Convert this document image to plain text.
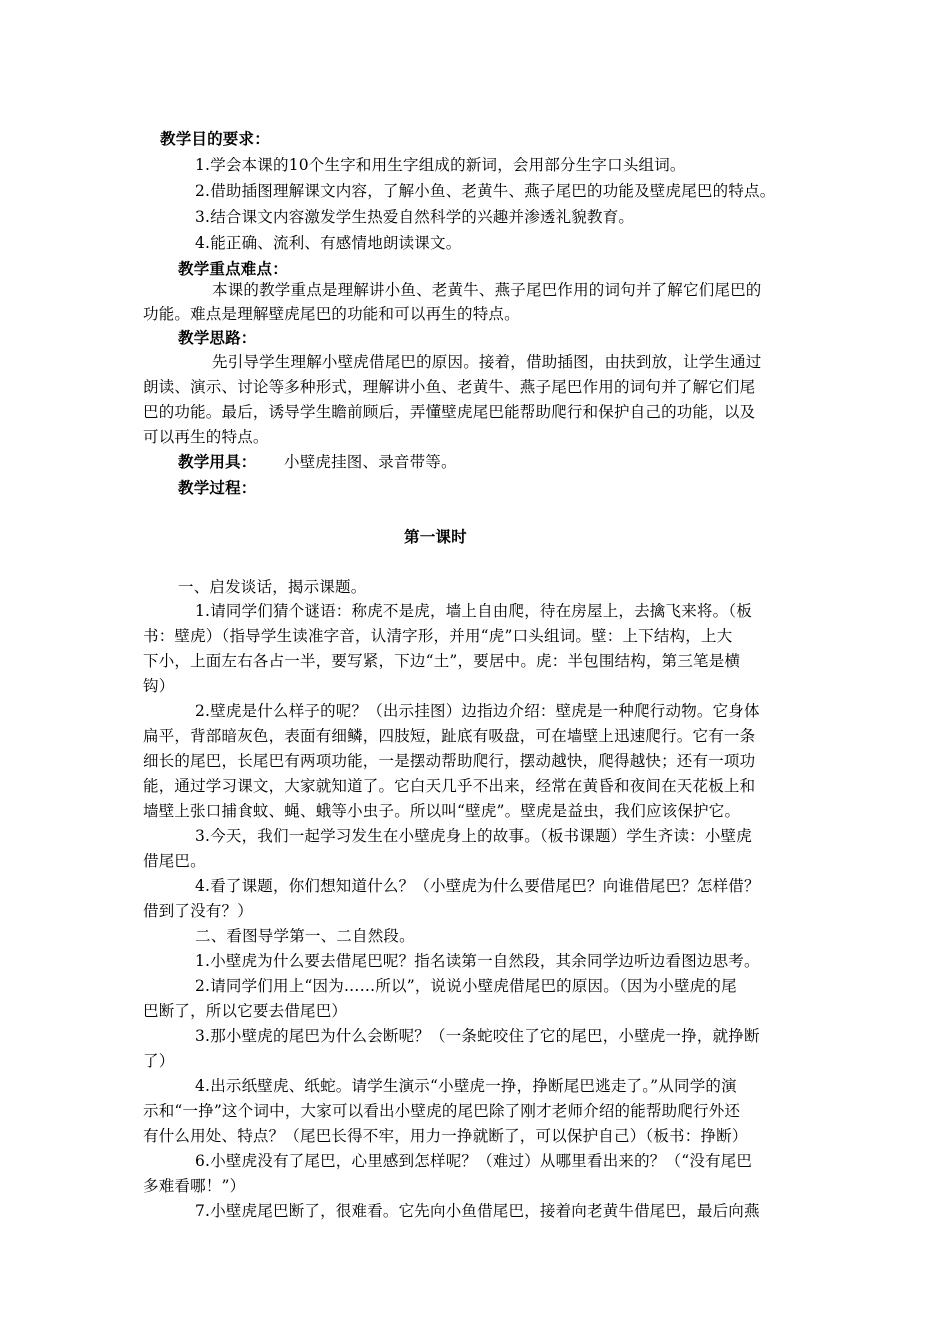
教学目的要求：
1.学会本课的10个生字和用生字组成的新词，会用部分生字口头组词。
2.借助插图理解课文内容，了解小鱼、老黄牛、燕子尾巴的功能及壁虎尾巴的特点。
3.结合课文内容激发学生热爱自然科学的兴趣并渗透礼貌教育。
4.能正确、流利、有感情地朗读课文。
教学重点难点：
本课的教学重点是理解讲小鱼、老黄牛、燕子尾巴作用的词句并了解它们尾巴的
功能。难点是理解壁虎尾巴的功能和可以再生的特点。
教学思路：
先引导学生理解小壁虎借尾巴的原因。接着，借助插图，由扶到放，让学生通过
朗读、演示、讨论等多种形式，理解讲小鱼、老黄牛、燕子尾巴作用的词句并了解它们尾
巴的功能。最后，诱导学生瞻前顾后，弄懂壁虎尾巴能帮助爬行和保护自己的功能，以及
可以再生的特点。
教学用具： 小壁虎挂图、录音带等。
教学过程：
第一课时
一、启发谈话，揭示课题。
1.请同学们猜个谜语：称虎不是虎，墙上自由爬，待在房屋上，去擒飞来将。（板
书：壁虎）（指导学生读准字音，认清字形，并用“虎”口头组词。壁：上下结构，上大
下小，上面左右各占一半，要写紧，下边“土”，要居中。虎：半包围结构，第三笔是横
钩）
2.壁虎是什么样子的呢？（出示挂图）边指边介绍：壁虎是一种爬行动物。它身体
扁平，背部暗灰色，表面有细鳞，四肢短，趾底有吸盘，可在墙壁上迅速爬行。它有一条
细长的尾巴，长尾巴有两项功能，一是摆动帮助爬行，摆动越快，爬得越快；还有一项功
能，通过学习课文，大家就知道了。它白天几乎不出来，经常在黄昏和夜间在天花板上和
墙壁上张口捕食蚊、蝇、蛾等小虫子。所以叫“壁虎”。壁虎是益虫，我们应该保护它。
3.今天，我们一起学习发生在小壁虎身上的故事。（板书课题）学生齐读：小壁虎
借尾巴。
4.看了课题，你们想知道什么？（小壁虎为什么要借尾巴？向谁借尾巴？怎样借？
借到了没有？）
二、看图导学第一、二自然段。
1.小壁虎为什么要去借尾巴呢？指名读第一自然段，其余同学边听边看图边思考。
2.请同学们用上“因为……所以”，说说小壁虎借尾巴的原因。（因为小壁虎的尾
巴断了，所以它要去借尾巴）
3.那小壁虎的尾巴为什么会断呢？（一条蛇咬住了它的尾巴，小壁虎一挣，就挣断
了）
4.出示纸壁虎、纸蛇。请学生演示“小壁虎一挣，挣断尾巴逃走了。”从同学的演
示和“一挣”这个词中，大家可以看出小壁虎的尾巴除了刚才老师介绍的能帮助爬行外还
有什么用处、特点？（尾巴长得不牢，用力一挣就断了，可以保护自己）（板书：挣断）
6.小壁虎没有了尾巴，心里感到怎样呢？（难过）从哪里看出来的？（“没有尾巴
多难看哪！”）
7.小壁虎尾巴断了，很难看。它先向小鱼借尾巴，接着向老黄牛借尾巴，最后向燕
